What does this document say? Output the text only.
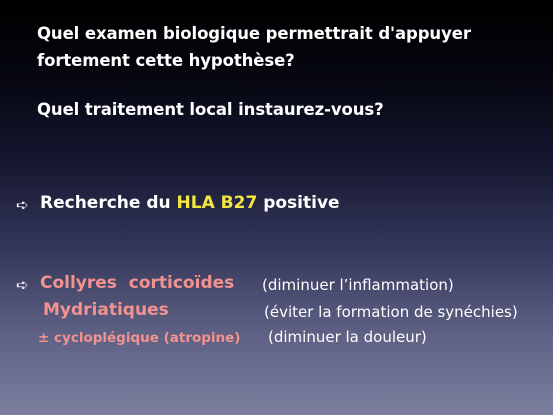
Quel examen biologique permettrait d'appuyer
fortement cette hypothèse?
Quel traitement local instaurez-vous?
➪ Recherche du HLA B27 positive
➪ Collyres  corticoïdes (diminuer l’inflammation)
Mydriatiques	(éviter la formation de synéchies)
± cycloplégique (atropine) (diminuer la douleur)
